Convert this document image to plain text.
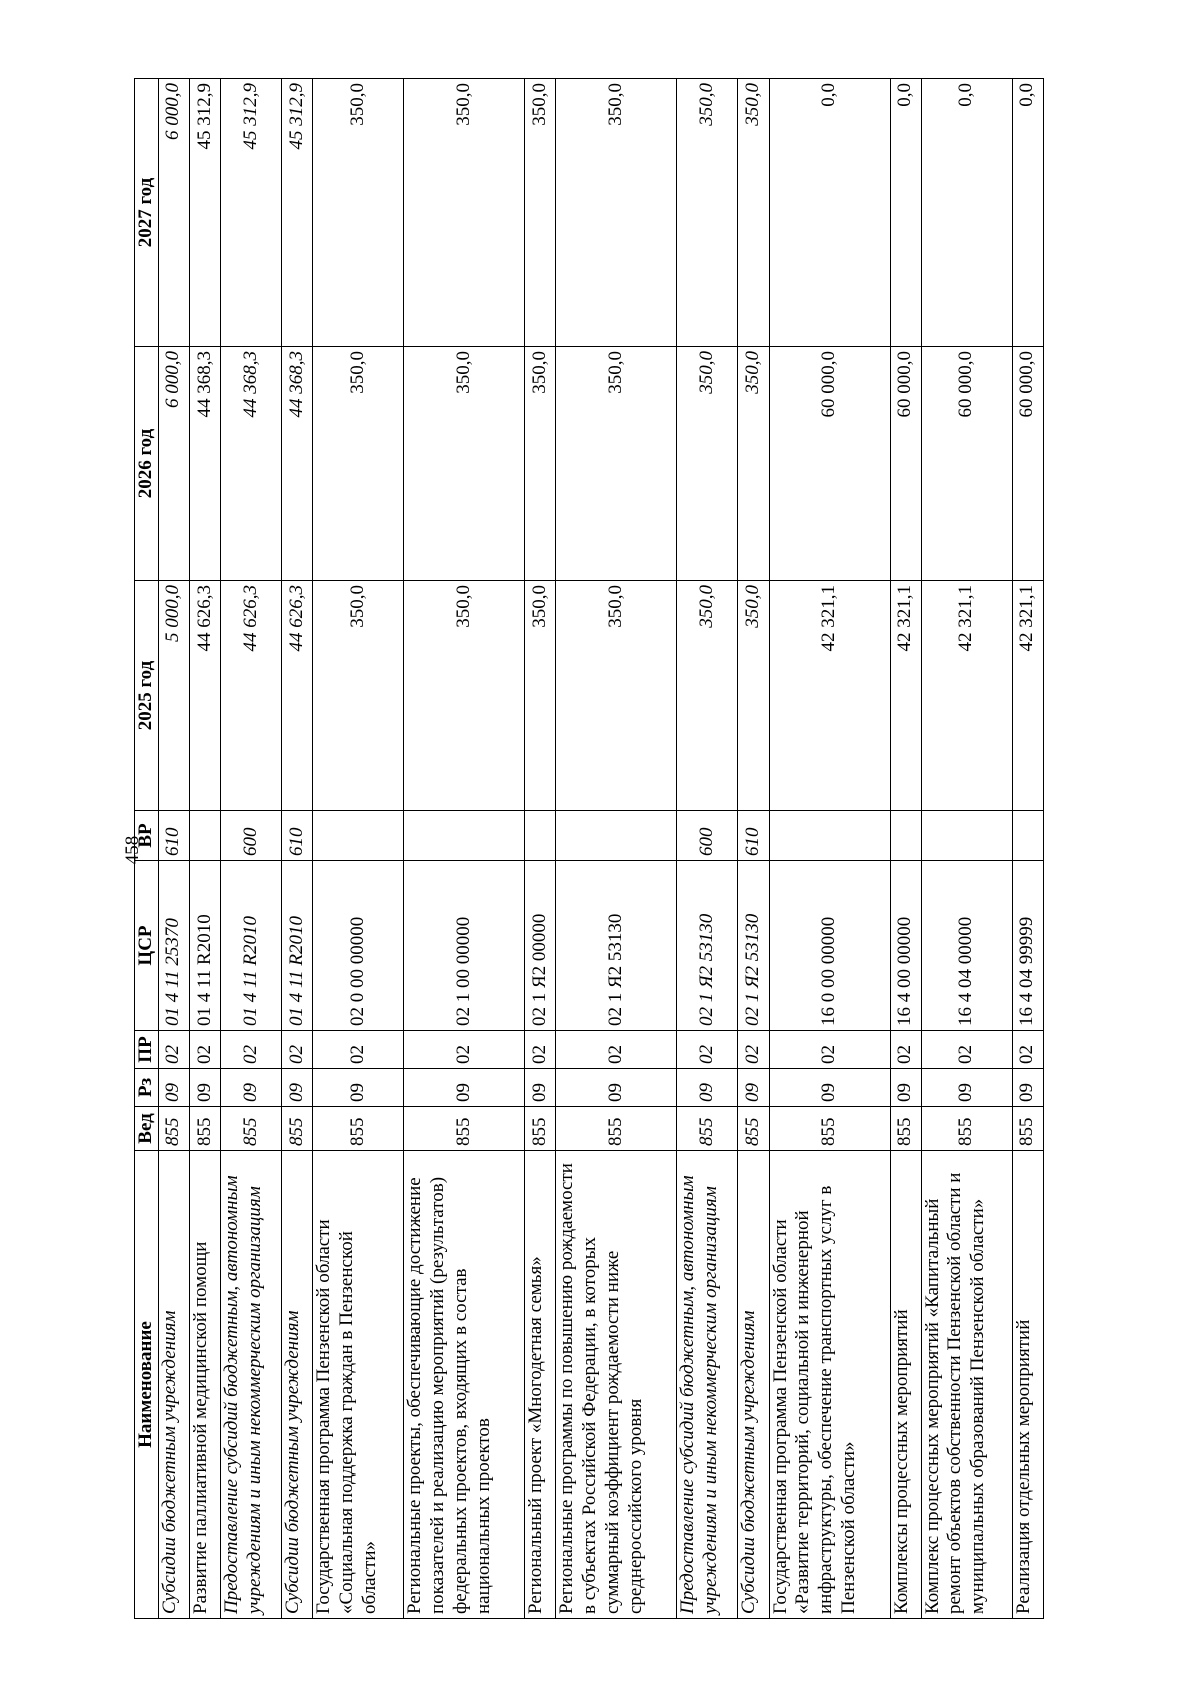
458
Наименование	Вед	Рз	ПР	ЦСР	ВР	2025 год	2026 год	2027 год
Субсидии бюджетным учреждениям	855	09	02	01 4 11 25370	610	5 000,0	6 000,0	6 000,0
Развитие паллиативной медицинской помощи	855	09	02	01 4 11 R2010		44 626,3	44 368,3	45 312,9
Предоставление субсидий бюджетным, автономным учреждениям и иным некоммерческим организациям	855	09	02	01 4 11 R2010	600	44 626,3	44 368,3	45 312,9
Субсидии бюджетным учреждениям	855	09	02	01 4 11 R2010	610	44 626,3	44 368,3	45 312,9
Государственная программа Пензенской области «Социальная поддержка граждан в Пензенской области»	855	09	02	02 0 00 00000		350,0	350,0	350,0
Региональные проекты, обеспечивающие достижение показателей и реализацию мероприятий (результатов) федеральных проектов, входящих в состав национальных проектов	855	09	02	02 1 00 00000		350,0	350,0	350,0
Региональный проект «Многодетная семья»	855	09	02	02 1 Я2 00000		350,0	350,0	350,0
Региональные программы по повышению рождаемости в субъектах Российской Федерации, в которых суммарный коэффициент рождаемости ниже среднероссийского уровня	855	09	02	02 1 Я2 53130		350,0	350,0	350,0
Предоставление субсидий бюджетным, автономным учреждениям и иным некоммерческим организациям	855	09	02	02 1 Я2 53130	600	350,0	350,0	350,0
Субсидии бюджетным учреждениям	855	09	02	02 1 Я2 53130	610	350,0	350,0	350,0
Государственная программа Пензенской области «Развитие территорий, социальной и инженерной инфраструктуры, обеспечение транспортных услуг в Пензенской области»	855	09	02	16 0 00 00000		42 321,1	60 000,0	0,0
Комплексы процессных мероприятий	855	09	02	16 4 00 00000		42 321,1	60 000,0	0,0
Комплекс процессных мероприятий «Капитальный ремонт объектов собственности Пензенской области и муниципальных образований Пензенской области»	855	09	02	16 4 04 00000		42 321,1	60 000,0	0,0
Реализация отдельных мероприятий	855	09	02	16 4 04 99999		42 321,1	60 000,0	0,0
